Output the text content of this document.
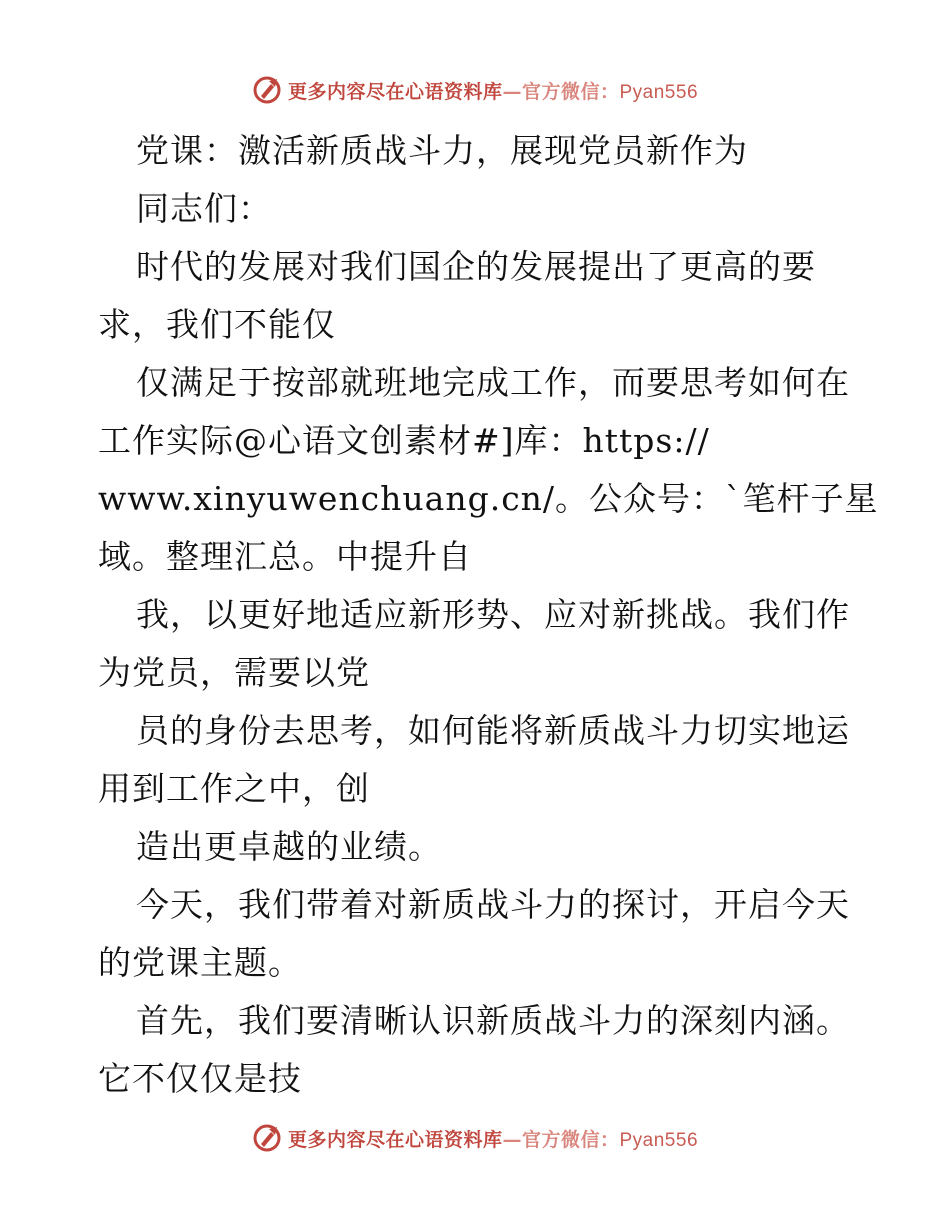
更多内容尽在心语资料库—官方微信：Pyan556
党课：激活新质战斗力，展现党员新作为
同志们：
时代的发展对我们国企的发展提出了更高的要
求，我们不能仅
仅满足于按部就班地完成工作，而要思考如何在
工作实际@心语文创素材#]库：https://
www.xinyuwenchuang.cn/。公众号：`笔杆子星
域。整理汇总。中提升自
我，以更好地适应新形势、应对新挑战。我们作
为党员，需要以党
员的身份去思考，如何能将新质战斗力切实地运
用到工作之中，创
造出更卓越的业绩。
今天，我们带着对新质战斗力的探讨，开启今天
的党课主题。
首先，我们要清晰认识新质战斗力的深刻内涵。
它不仅仅是技
更多内容尽在心语资料库—官方微信：Pyan556
